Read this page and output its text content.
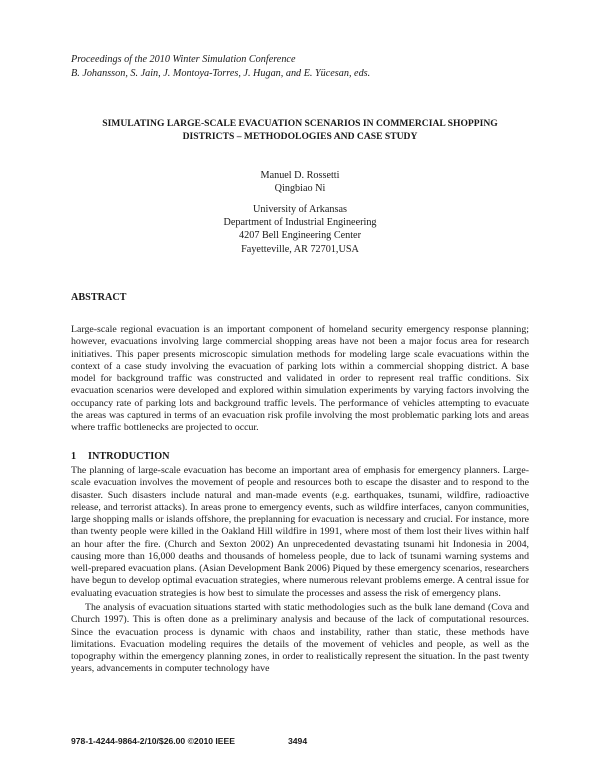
Proceedings of the 2010 Winter Simulation Conference
B. Johansson, S. Jain, J. Montoya-Torres, J. Hugan, and E. Yücesan, eds.
SIMULATING LARGE-SCALE EVACUATION SCENARIOS IN COMMERCIAL SHOPPING
DISTRICTS – METHODOLOGIES AND CASE STUDY
Manuel D. Rossetti
Qingbiao Ni
University of Arkansas
Department of Industrial Engineering
4207 Bell Engineering Center
Fayetteville, AR 72701,USA
ABSTRACT

Large-scale regional evacuation is an important component of homeland security emergency response planning; however, evacuations involving large commercial shopping areas have not been a major focus area for research initiatives. This paper presents microscopic simulation methods for modeling large scale evacuations within the context of a case study involving the evacuation of parking lots within a commercial shopping district. A base model for background traffic was constructed and validated in order to represent real traffic conditions. Six evacuation scenarios were developed and explored within simulation experiments by varying factors involving the occupancy rate of parking lots and background traffic levels. The performance of vehicles attempting to evacuate the areas was captured in terms of an evacuation risk profile involving the most problematic parking lots and areas where traffic bottlenecks are projected to occur.

1 INTRODUCTION

The planning of large-scale evacuation has become an important area of emphasis for emergency planners. Large-scale evacuation involves the movement of people and resources both to escape the disaster and to respond to the disaster. Such disasters include natural and man-made events (e.g. earthquakes, tsunami, wildfire, radioactive release, and terrorist attacks). In areas prone to emergency events, such as wildfire interfaces, canyon communities, large shopping malls or islands offshore, the preplanning for evacuation is necessary and crucial. For instance, more than twenty people were killed in the Oakland Hill wildfire in 1991, where most of them lost their lives within half an hour after the fire. (Church and Sexton 2002) An unprecedented devastating tsunami hit Indonesia in 2004, causing more than 16,000 deaths and thousands of homeless people, due to lack of tsunami warning systems and well-prepared evacuation plans. (Asian Development Bank 2006) Piqued by these emergency scenarios, researchers have begun to develop optimal evacuation strategies, where numerous relevant problems emerge. A central issue for evaluating evacuation strategies is how best to simulate the processes and assess the risk of emergency plans.

The analysis of evacuation situations started with static methodologies such as the bulk lane demand (Cova and Church 1997). This is often done as a preliminary analysis and because of the lack of computational resources. Since the evacuation process is dynamic with chaos and instability, rather than static, these methods have limitations. Evacuation modeling requires the details of the movement of vehicles and people, as well as the topography within the emergency planning zones, in order to realistically represent the situation. In the past twenty years, advancements in computer technology have

978-1-4244-9864-2/10/$26.00 ©2010 IEEE	3494
